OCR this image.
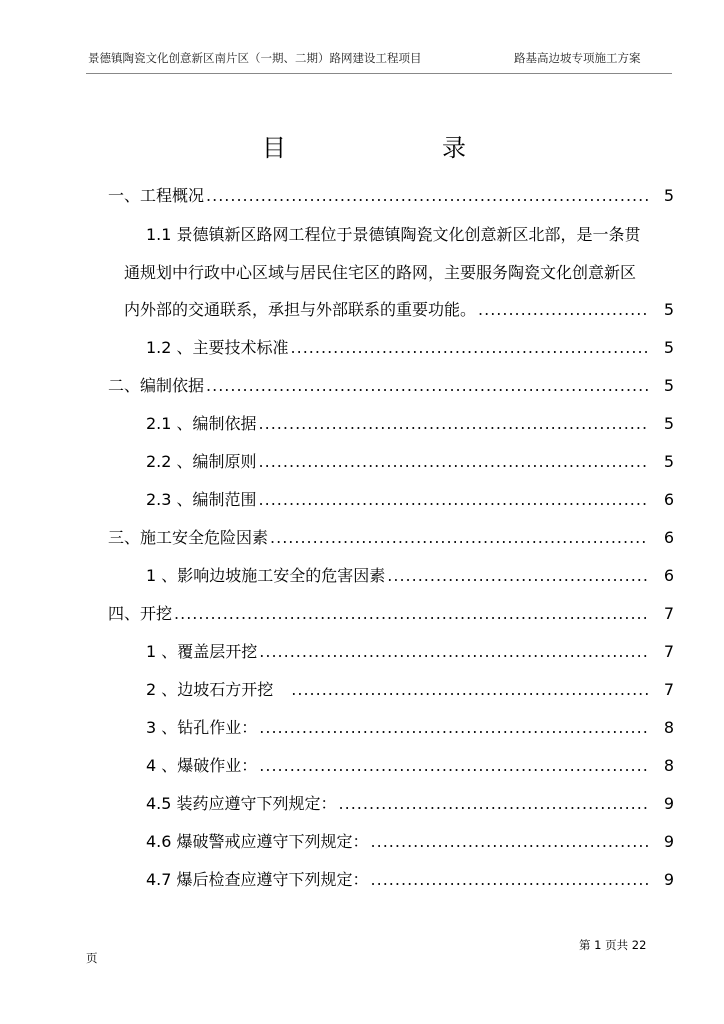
景德镇陶瓷文化创意新区南片区（一期、二期）路网建设工程项目	路基高边坡专项施工方案
目　　录
一、工程概况 .....	5
1.1 景德镇新区路网工程位于景德镇陶瓷文化创意新区北部，是一条贯
通规划中行政中心区域与居民住宅区的路网，主要服务陶瓷文化创意新区
内外部的交通联系，承担与外部联系的重要功能。 .....	5
1.2 、主要技术标准 .....	5
二、编制依据 .....	5
2.1 、编制依据 .....	5
2.2 、编制原则 .....	5
2.3 、编制范围 .....	6
三、施工安全危险因素 .....	6
1 、影响边坡施工安全的危害因素 .....	6
四、开挖 .....	7
1 、覆盖层开挖 .....	7
2 、边坡石方开挖　 .....	7
3 、钻孔作业： .....	8
4 、爆破作业： .....	8
4.5 装药应遵守下列规定： .....	9
4.6 爆破警戒应遵守下列规定： .....	9
4.7 爆后检查应遵守下列规定： .....	9
第 1 页共 22
页
